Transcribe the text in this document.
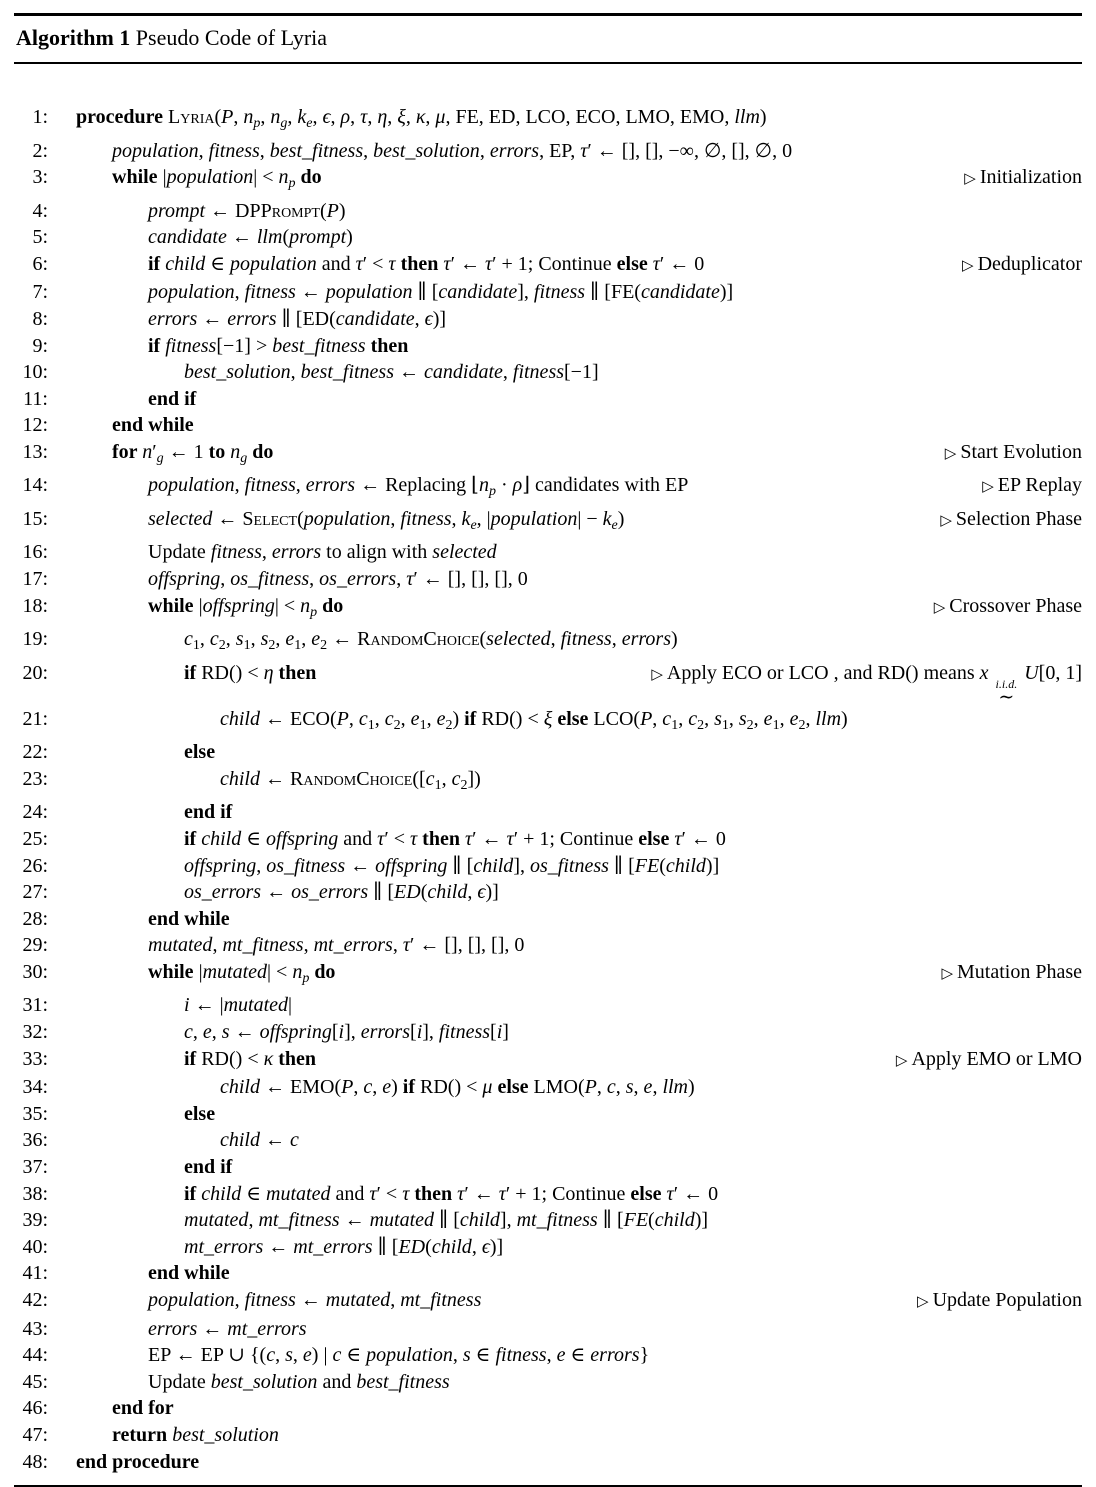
Algorithm 1 Pseudo Code of Lyria
1:	procedure Lyria(P, np, ng, ke, ϵ, ρ, τ, η, ξ, κ, μ, FE, ED, LCO, ECO, LMO, EMO, llm)
2:	population, fitness, best_fitness, best_solution, errors, EP, τ′ ← [], [], −∞, ∅, [], ∅, 0
3:	while |population| < np do	▷ Initialization
4:	prompt ← DPPrompt(P)
5:	candidate ← llm(prompt)
6:	if child ∈ population and τ′ < τ then τ′ ← τ′ + 1; Continue else τ′ ← 0	▷ Deduplicator
7:	population, fitness ← population ∥ [candidate], fitness ∥ [FE(candidate)]
8:	errors ← errors ∥ [ED(candidate, ϵ)]
9:	if fitness[−1] > best_fitness then
10:	best_solution, best_fitness ← candidate, fitness[−1]
11:	end if
12:	end while
13:	for n′g ← 1 to ng do	▷ Start Evolution
14:	population, fitness, errors ← Replacing ⌊np · ρ⌋ candidates with EP	▷ EP Replay
15:	selected ← Select(population, fitness, ke, |population| − ke)	▷ Selection Phase
16:	Update fitness, errors to align with selected
17:	offspring, os_fitness, os_errors, τ′ ← [], [], [], 0
18:	while |offspring| < np do	▷ Crossover Phase
19:	c1, c2, s1, s2, e1, e2 ← RandomChoice(selected, fitness, errors)
20:	if RD() < η then	▷ Apply ECO or LCO , and RD() means x i.i.d.
∼
U[0, 1]
21:	child ← ECO(P, c1, c2, e1, e2) if RD() < ξ else LCO(P, c1, c2, s1, s2, e1, e2, llm)
22:	else
23:	child ← RandomChoice([c1, c2])
24:	end if
25:	if child ∈ offspring and τ′ < τ then τ′ ← τ′ + 1; Continue else τ′ ← 0
26:	offspring, os_fitness ← offspring ∥ [child], os_fitness ∥ [FE(child)]
27:	os_errors ← os_errors ∥ [ED(child, ϵ)]
28:	end while
29:	mutated, mt_fitness, mt_errors, τ′ ← [], [], [], 0
30:	while |mutated| < np do	▷ Mutation Phase
31:	i ← |mutated|
32:	c, e, s ← offspring[i], errors[i], fitness[i]
33:	if RD() < κ then	▷ Apply EMO or LMO
34:	child ← EMO(P, c, e) if RD() < μ else LMO(P, c, s, e, llm)
35:	else
36:	child ← c
37:	end if
38:	if child ∈ mutated and τ′ < τ then τ′ ← τ′ + 1; Continue else τ′ ← 0
39:	mutated, mt_fitness ← mutated ∥ [child], mt_fitness ∥ [FE(child)]
40:	mt_errors ← mt_errors ∥ [ED(child, ϵ)]
41:	end while
42:	population, fitness ← mutated, mt_fitness	▷ Update Population
43:	errors ← mt_errors
44:	EP ← EP ∪ {(c, s, e) | c ∈ population, s ∈ fitness, e ∈ errors}
45:	Update best_solution and best_fitness
46:	end for
47:	return best_solution
48:	end procedure
